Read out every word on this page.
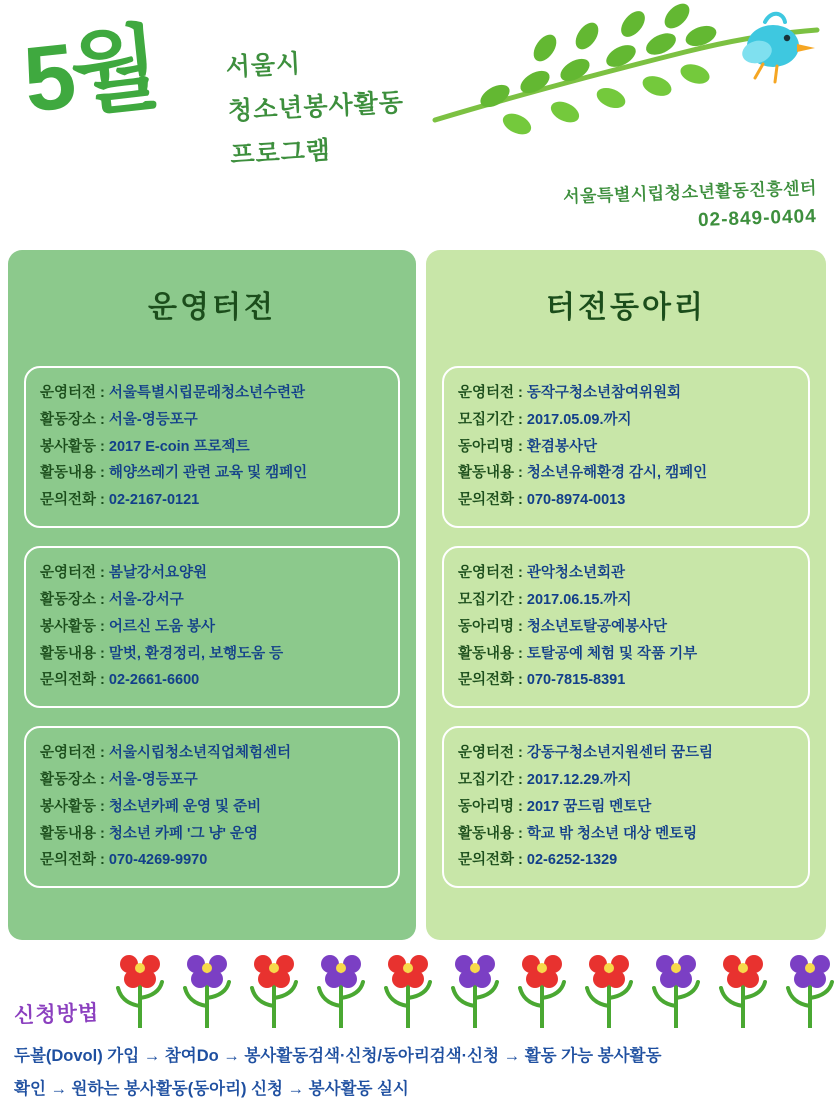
5월	서울시
청소년봉사활동
프로그램
서울특별시립청소년활동진흥센터
02-849-0404
운영터전
운영터전 : 서울특별시립문래청소년수련관
활동장소 : 서울-영등포구
봉사활동 : 2017 E-coin 프로젝트
활동내용 : 해양쓰레기 관련 교육 및 캠페인
문의전화 : 02-2167-0121
운영터전 : 봄날강서요양원
활동장소 : 서울-강서구
봉사활동 : 어르신 도움 봉사
활동내용 : 말벗, 환경정리, 보행도움 등
문의전화 : 02-2661-6600
운영터전 : 서울시립청소년직업체험센터
활동장소 : 서울-영등포구
봉사활동 : 청소년카페 운영 및 준비
활동내용 : 청소년 카페 '그 냥' 운영
문의전화 : 070-4269-9970
터전동아리
운영터전 : 동작구청소년참여위원회
모집기간 : 2017.05.09.까지
동아리명 : 환겸봉사단
활동내용 : 청소년유해환경 감시, 캠페인
문의전화 : 070-8974-0013
운영터전 : 관악청소년회관
모집기간 : 2017.06.15.까지
동아리명 : 청소년토탈공예봉사단
활동내용 : 토탈공예 체험 및 작품 기부
문의전화 : 070-7815-8391
운영터전 : 강동구청소년지원센터 꿈드림
모집기간 : 2017.12.29.까지
동아리명 : 2017 꿈드림 멘토단
활동내용 : 학교 밖 청소년 대상 멘토링
문의전화 : 02-6252-1329
신청방법
두볼(Dovol) 가입 → 참여Do → 봉사활동검색·신청/동아리검색·신청 → 활동 가능 봉사활동
확인 → 원하는 봉사활동(동아리) 신청 → 봉사활동 실시
